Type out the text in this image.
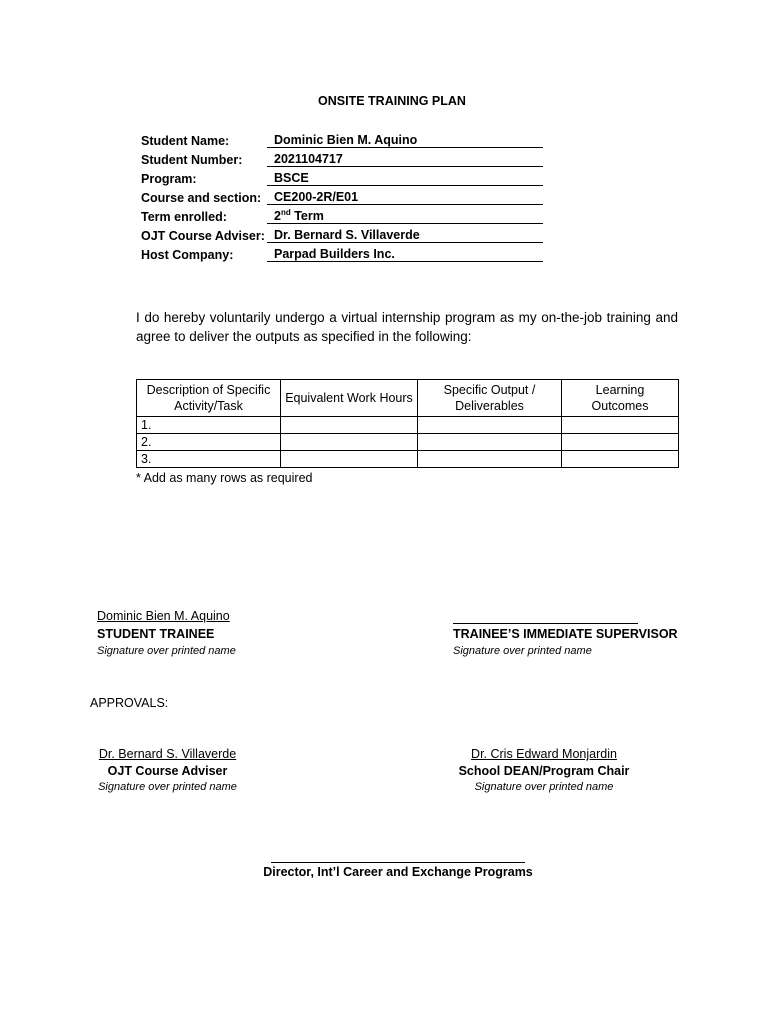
ONSITE TRAINING PLAN
Student Name:	Dominic Bien M. Aquino
Student Number:	2021104717
Program:	BSCE
Course and section:	CE200-2R/E01
Term enrolled:	2nd Term
OJT Course Adviser:	Dr. Bernard S. Villaverde
Host Company:	Parpad Builders Inc.
I do hereby voluntarily undergo a virtual internship program as my on-the-job training and agree to deliver the outputs as specified in the following:
Description of Specific Activity/Task	Equivalent Work Hours	Specific Output / Deliverables	Learning Outcomes
1.			
2.			
3.			
* Add as many rows as required
Dominic Bien M. Aquino
STUDENT TRAINEE
Signature over printed name
TRAINEE’S IMMEDIATE SUPERVISOR
Signature over printed name
APPROVALS:
Dr. Bernard S. Villaverde
OJT Course Adviser
Signature over printed name
Dr. Cris Edward Monjardin
School DEAN/Program Chair
Signature over printed name
Director, Int’l Career and Exchange Programs
